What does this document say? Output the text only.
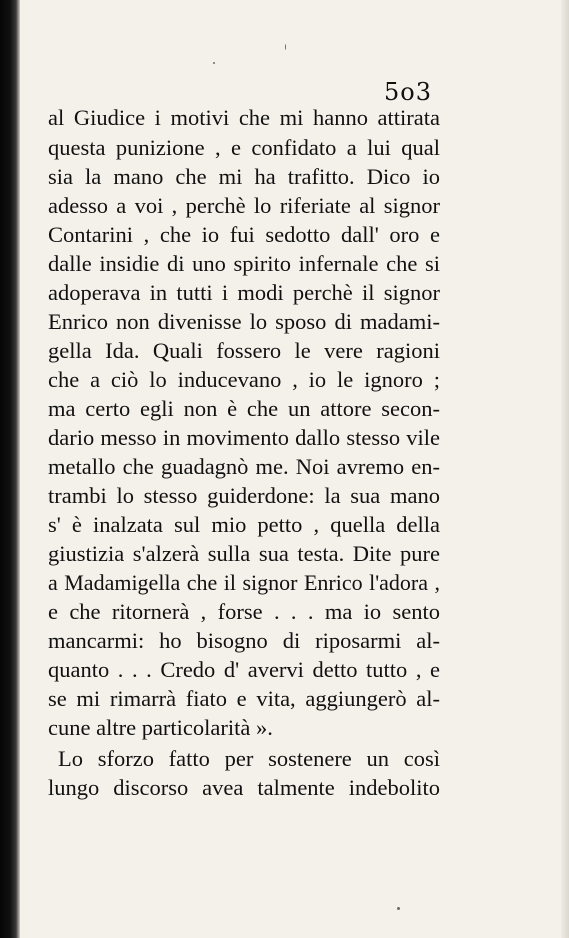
5o3
al Giudice i motivi che mi hanno attirata
questa punizione , e confidato a lui qual
sia la mano che mi ha trafitto. Dico io
adesso a voi , perchè lo riferiate al signor
Contarini , che io fui sedotto dall' oro e
dalle insidie di uno spirito infernale che si
adoperava in tutti i modi perchè il signor
Enrico non divenisse lo sposo di madami-
gella Ida. Quali fossero le vere ragioni
che a ciò lo inducevano , io le ignoro ;
ma certo egli non è che un attore secon-
dario messo in movimento dallo stesso vile
metallo che guadagnò me. Noi avremo en-
trambi lo stesso guiderdone: la sua mano
s' è inalzata sul mio petto , quella della
giustizia s'alzerà sulla sua testa. Dite pure
a Madamigella che il signor Enrico l'adora ,
e che ritornerà , forse . . . ma io sento
mancarmi: ho bisogno di riposarmi al-
quanto . . . Credo d' avervi detto tutto , e
se mi rimarrà fiato e vita, aggiungerò al-
cune altre particolarità ».
Lo sforzo fatto per sostenere un così
lungo discorso avea talmente indebolito
